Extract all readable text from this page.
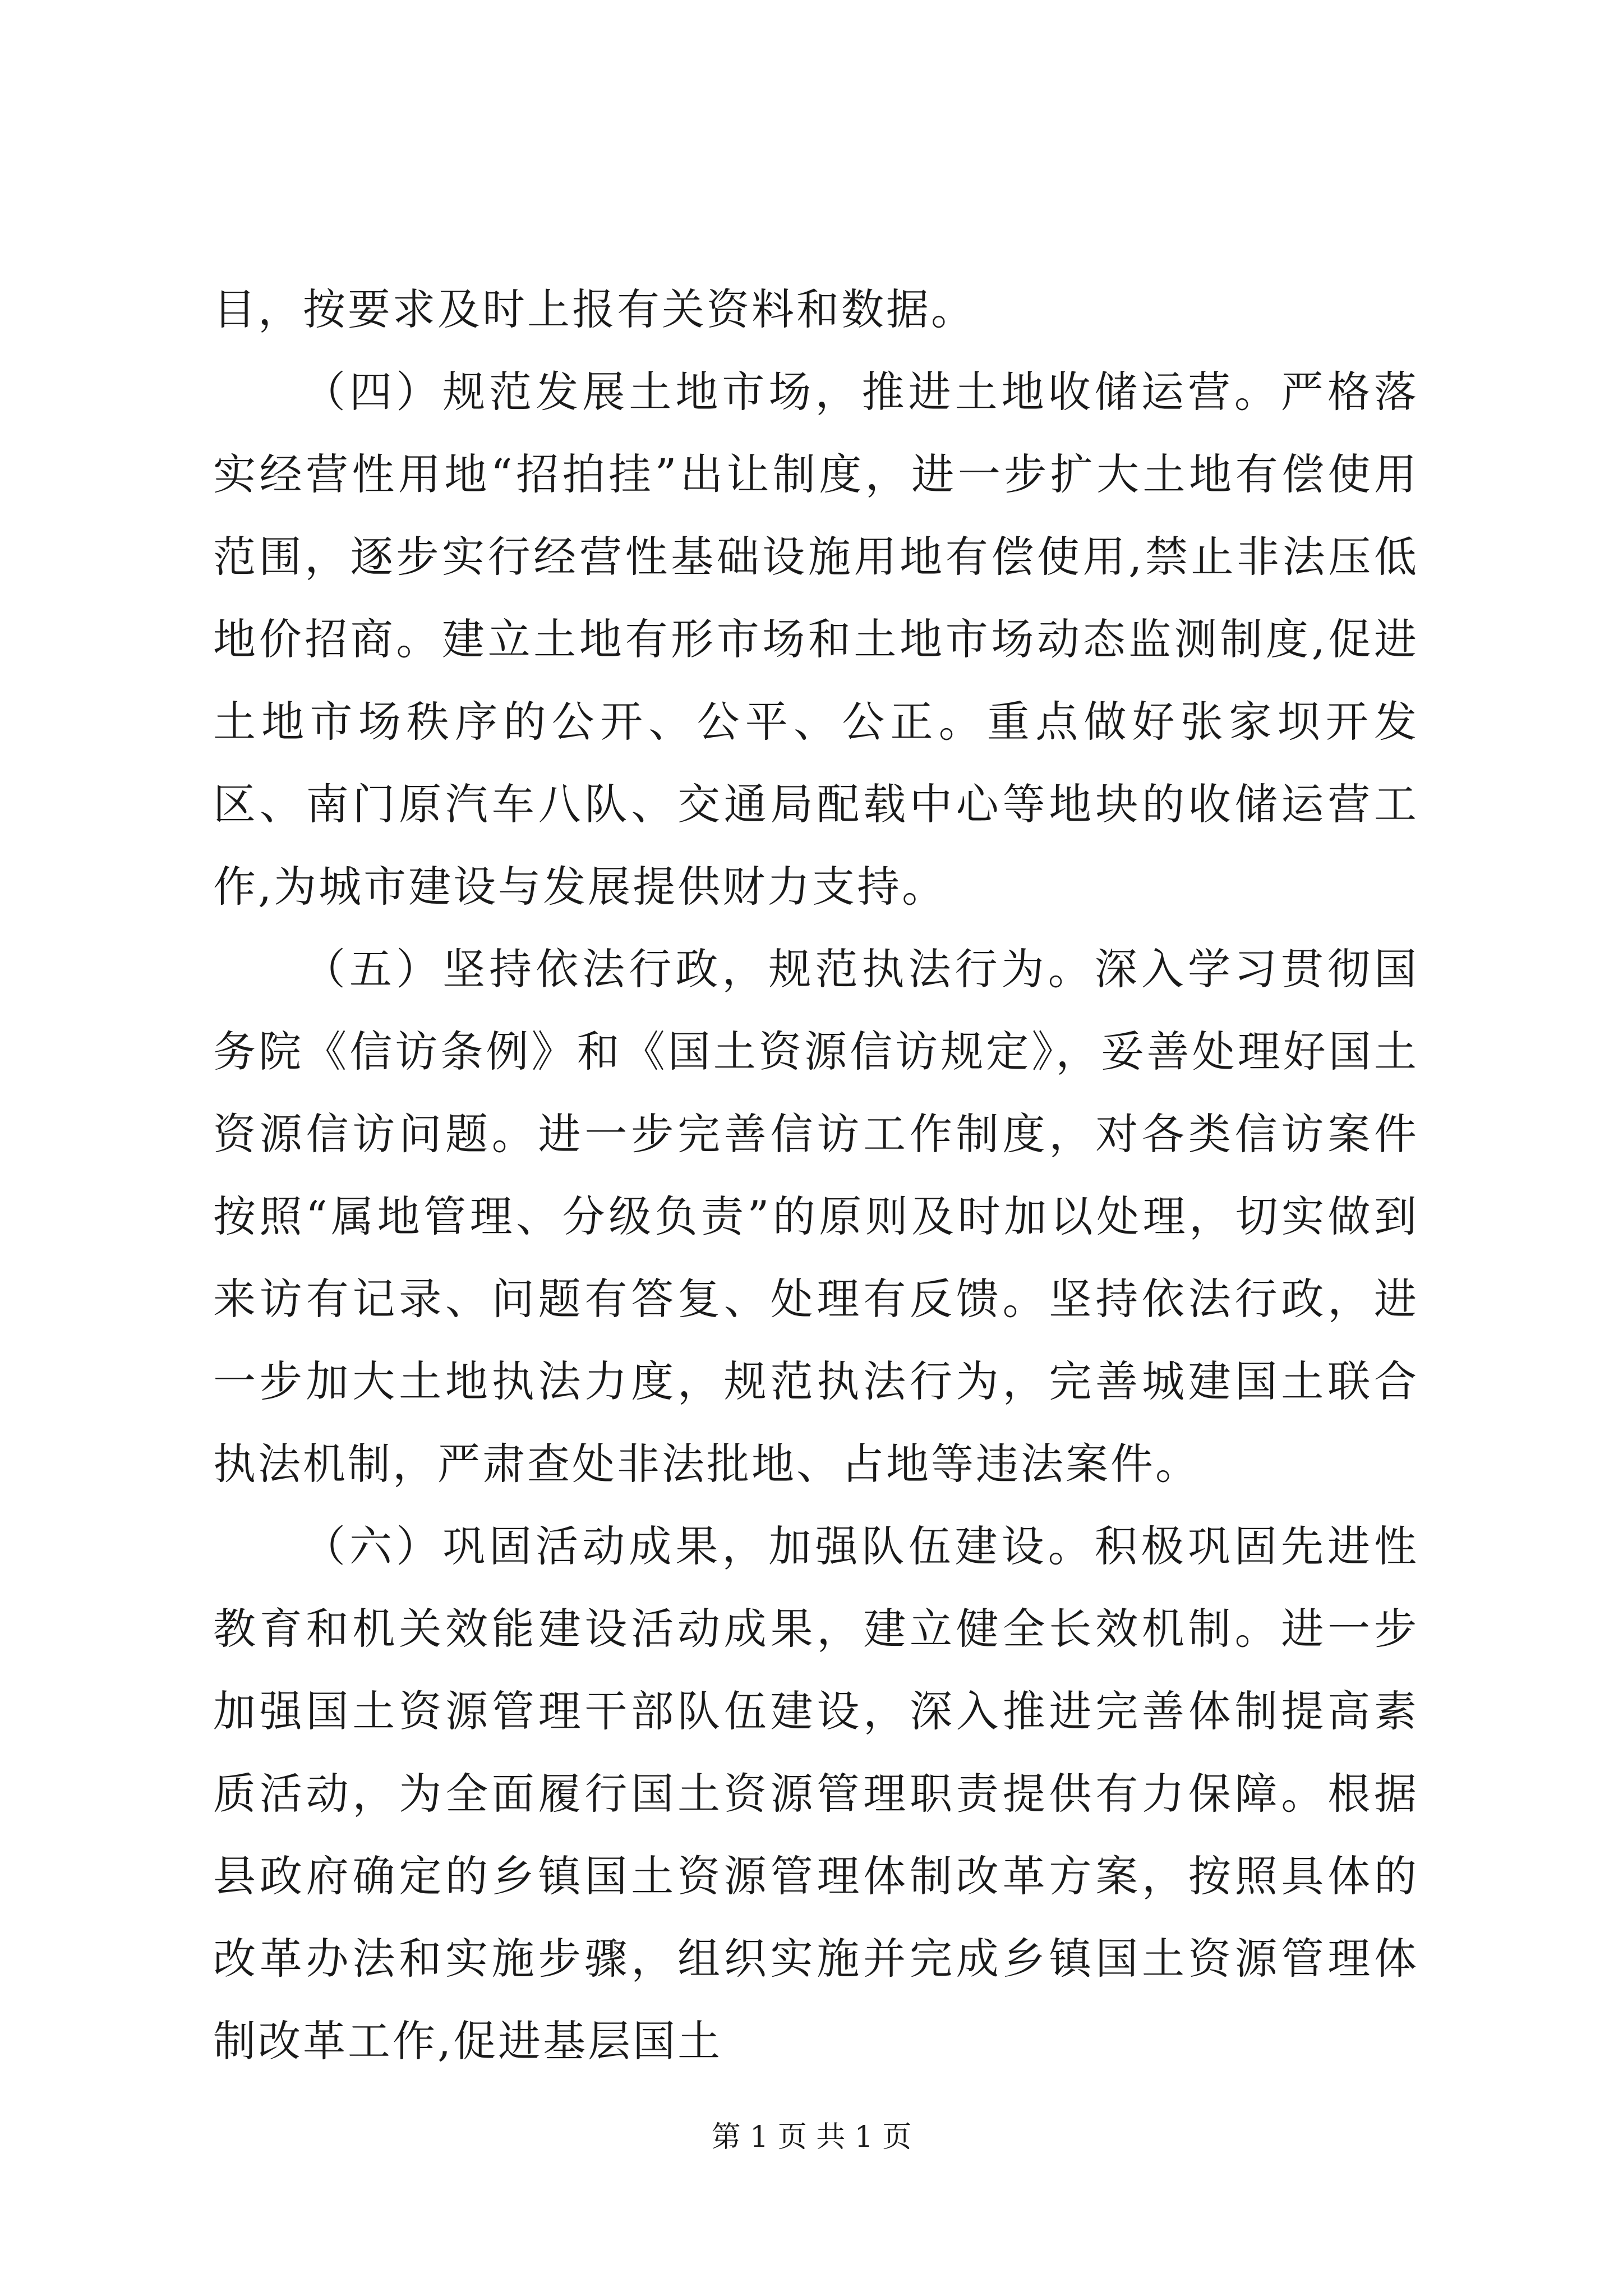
目，按要求及时上报有关资料和数据。

（四）规范发展土地市场，推进土地收储运营。严格落实经营性用地“招拍挂”出让制度，进一步扩大土地有偿使用范围，逐步实行经营性基础设施用地有偿使用,禁止非法压低地价招商。建立土地有形市场和土地市场动态监测制度,促进土地市场秩序的公开、公平、公正。重点做好张家坝开发区、南门原汽车八队、交通局配载中心等地块的收储运营工作,为城市建设与发展提供财力支持。

（五）坚持依法行政，规范执法行为。深入学习贯彻国务院《信访条例》和《国土资源信访规定》，妥善处理好国土资源信访问题。进一步完善信访工作制度，对各类信访案件按照“属地管理、分级负责”的原则及时加以处理，切实做到来访有记录、问题有答复、处理有反馈。坚持依法行政，进一步加大土地执法力度，规范执法行为，完善城建国土联合执法机制，严肃查处非法批地、占地等违法案件。

（六）巩固活动成果，加强队伍建设。积极巩固先进性教育和机关效能建设活动成果，建立健全长效机制。进一步加强国土资源管理干部队伍建设，深入推进完善体制提高素质活动，为全面履行国土资源管理职责提供有力保障。根据县政府确定的乡镇国土资源管理体制改革方案，按照具体的改革办法和实施步骤，组织实施并完成乡镇国土资源管理体制改革工作,促进基层国土

第 1 页 共 1 页
